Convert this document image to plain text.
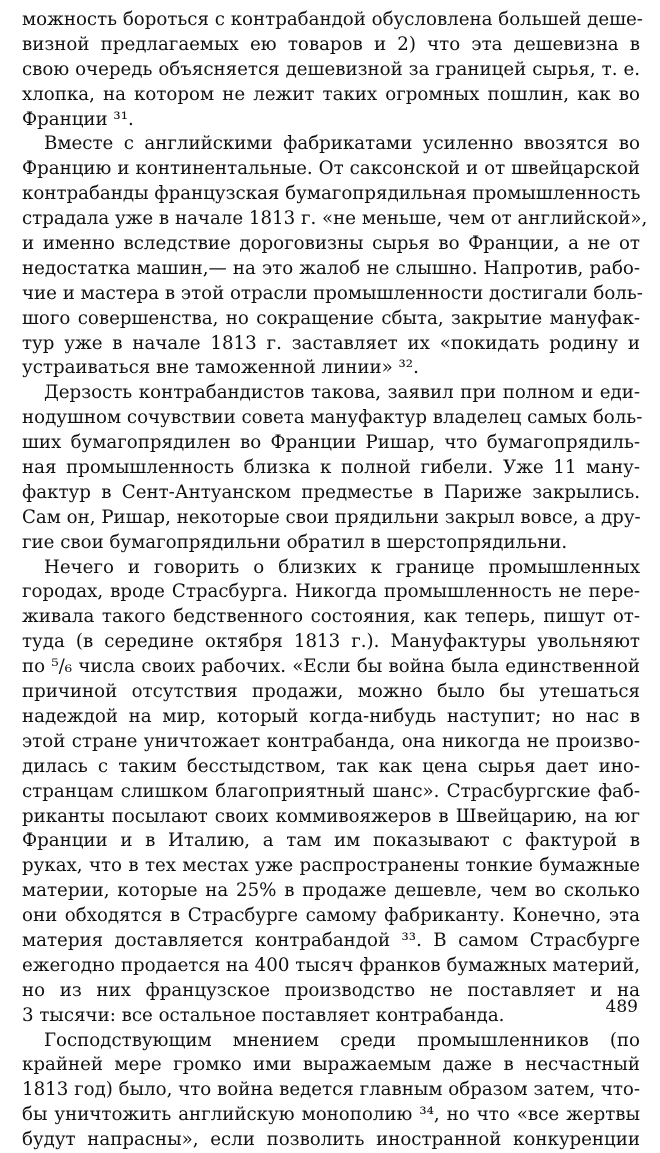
можность бороться с контрабандой обусловлена большей деше-
визной предлагаемых ею товаров и 2) что эта дешевизна в
свою очередь объясняется дешевизной за границей сырья, т. е.
хлопка, на котором не лежит таких огромных пошлин, как во
Франции ³¹.
Вместе с английскими фабрикатами усиленно ввозятся во
Францию и континентальные. От саксонской и от швейцарской
контрабанды французская бумагопрядильная промышленность
страдала уже в начале 1813 г. «не меньше, чем от английской»,
и именно вследствие дороговизны сырья во Франции, а не от
недостатка машин,— на это жалоб не слышно. Напротив, рабо-
чие и мастера в этой отрасли промышленности достигали боль-
шого совершенства, но сокращение сбыта, закрытие мануфак-
тур уже в начале 1813 г. заставляет их «покидать родину и
устраиваться вне таможенной линии» ³².
Дерзость контрабандистов такова, заявил при полном и еди-
нодушном сочувствии совета мануфактур владелец самых боль-
ших бумагопрядилен во Франции Ришар, что бумагопрядиль-
ная промышленность близка к полной гибели. Уже 11 ману-
фактур в Сент-Антуанском предместье в Париже закрылись.
Сам он, Ришар, некоторые свои прядильни закрыл вовсе, а дру-
гие свои бумагопрядильни обратил в шерстопрядильни.
Нечего и говорить о близких к границе промышленных
городах, вроде Страсбурга. Никогда промышленность не пере-
живала такого бедственного состояния, как теперь, пишут от-
туда (в середине октября 1813 г.). Мануфактуры увольняют
по ⁵/₆ числа своих рабочих. «Если бы война была единственной
причиной отсутствия продажи, можно было бы утешаться
надеждой на мир, который когда-нибудь наступит; но нас в
этой стране уничтожает контрабанда, она никогда не произво-
дилась с таким бесстыдством, так как цена сырья дает ино-
странцам слишком благоприятный шанс». Страсбургские фаб-
риканты посылают своих коммивояжеров в Швейцарию, на юг
Франции и в Италию, а там им показывают с фактурой в
руках, что в тех местах уже распространены тонкие бумажные
материи, которые на 25% в продаже дешевле, чем во сколько
они обходятся в Страсбурге самому фабриканту. Конечно, эта
материя доставляется контрабандой ³³. В самом Страсбурге
ежегодно продается на 400 тысяч франков бумажных материй,
но из них французское производство не поставляет и на
3 тысячи: все остальное поставляет контрабанда.
Господствующим мнением среди промышленников (по
крайней мере громко ими выражаемым даже в несчастный
1813 год) было, что война ведется главным образом затем, что-
бы уничтожить английскую монополию ³⁴, но что «все жертвы
будут напрасны», если позволить иностранной конкуренции
489
